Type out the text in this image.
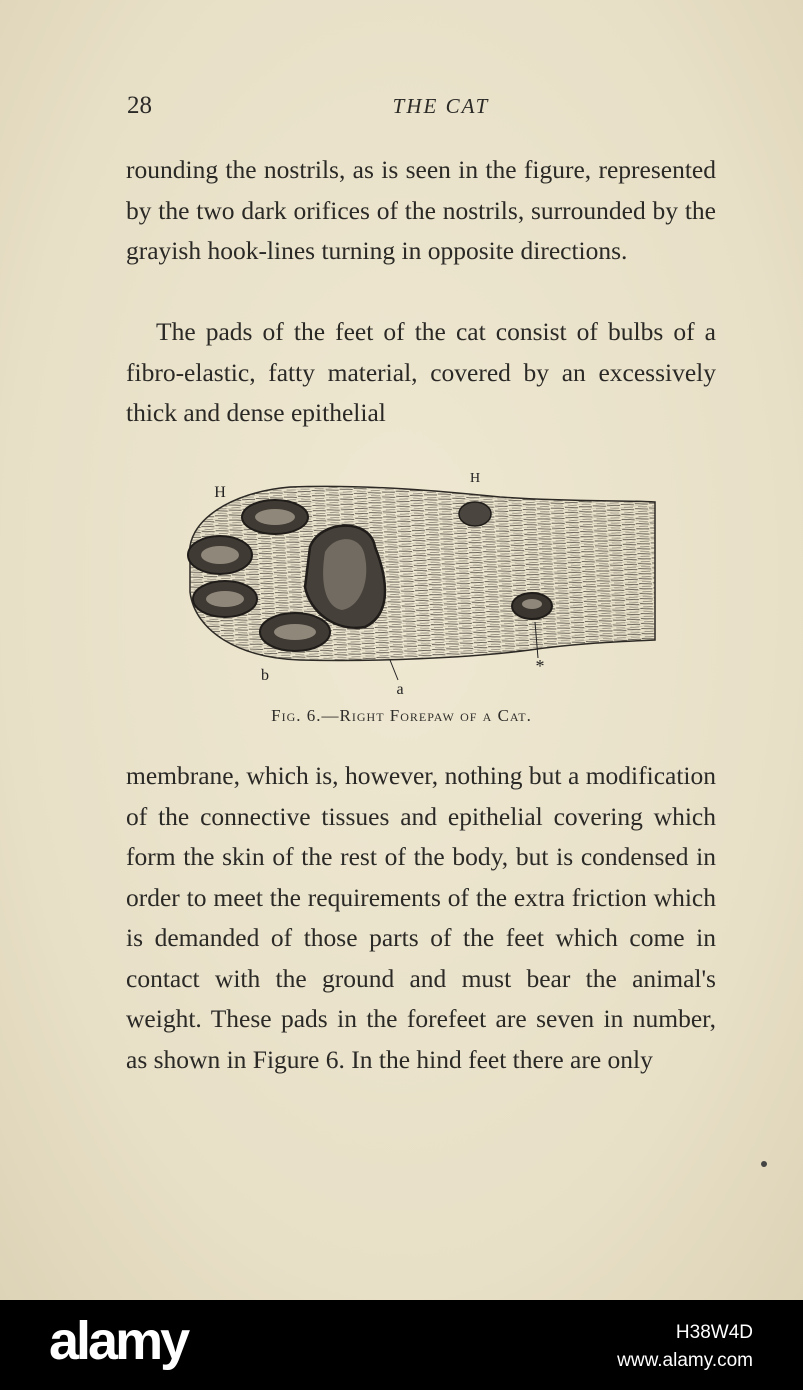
28	THE CAT

rounding the nostrils, as is seen in the figure, represented by the two dark orifices of the nostrils, surrounded by the grayish hook-lines turning in opposite directions.

The pads of the feet of the cat consist of bulbs of a fibro-elastic, fatty material, covered by an excessively thick and dense epithelial

H
H
b
a
*
Fig. 6.—Right Forepaw of a Cat.

membrane, which is, however, nothing but a modification of the connective tissues and epithelial covering which form the skin of the rest of the body, but is condensed in order to meet the requirements of the extra friction which is demanded of those parts of the feet which come in contact with the ground and must bear the animal's weight. These pads in the forefeet are seven in number, as shown in Figure 6. In the hind feet there are only

alamy	H38W4D
www.alamy.com
